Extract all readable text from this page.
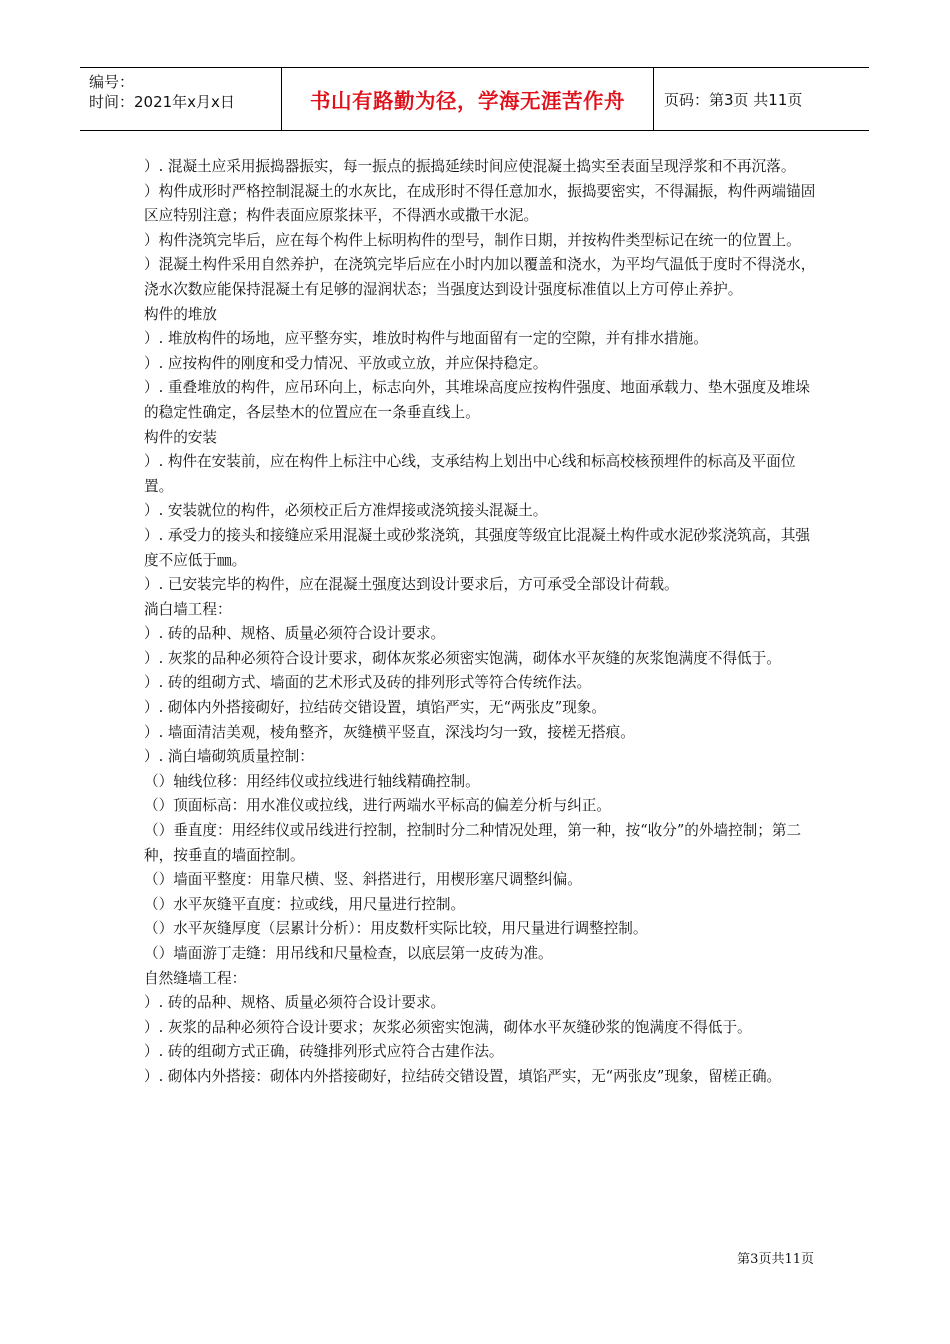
编号：
时间：2021年x月x日	书山有路勤为径，学海无涯苦作舟	页码：第3页 共11页

）. 混凝土应采用振捣器振实，每一振点的振捣延续时间应使混凝土捣实至表面呈现浮浆和不再沉落。

）构件成形时严格控制混凝土的水灰比，在成形时不得任意加水，振捣要密实，不得漏振，构件两端锚固区应特别注意；构件表面应原浆抹平，不得洒水或撒干水泥。

）构件浇筑完毕后，应在每个构件上标明构件的型号，制作日期，并按构件类型标记在统一的位置上。

）混凝土构件采用自然养护，在浇筑完毕后应在小时内加以覆盖和浇水，为平均气温低于度时不得浇水，浇水次数应能保持混凝土有足够的湿润状态；当强度达到设计强度标准值以上方可停止养护。

构件的堆放

）. 堆放构件的场地，应平整夯实，堆放时构件与地面留有一定的空隙，并有排水措施。

）. 应按构件的刚度和受力情况、平放或立放，并应保持稳定。

）. 重叠堆放的构件，应吊环向上，标志向外，其堆垛高度应按构件强度、地面承载力、垫木强度及堆垛的稳定性确定，各层垫木的位置应在一条垂直线上。

构件的安装

）. 构件在安装前，应在构件上标注中心线，支承结构上划出中心线和标高校核预埋件的标高及平面位置。

）. 安装就位的构件，必须校正后方准焊接或浇筑接头混凝土。

）. 承受力的接头和接缝应采用混凝土或砂浆浇筑，其强度等级宜比混凝土构件或水泥砂浆浇筑高，其强度不应低于㎜。

）. 已安装完毕的构件，应在混凝土强度达到设计要求后，方可承受全部设计荷载。

淌白墙工程：

）. 砖的品种、规格、质量必须符合设计要求。

）. 灰浆的品种必须符合设计要求，砌体灰浆必须密实饱满，砌体水平灰缝的灰浆饱满度不得低于。

）. 砖的组砌方式、墙面的艺术形式及砖的排列形式等符合传统作法。

）. 砌体内外搭接砌好，拉结砖交错设置，填馅严实，无“两张皮”现象。

）. 墙面清洁美观，棱角整齐，灰缝横平竖直，深浅均匀一致，接槎无搭痕。

）. 淌白墙砌筑质量控制：

（）轴线位移：用经纬仪或拉线进行轴线精确控制。

（）顶面标高：用水准仪或拉线，进行两端水平标高的偏差分析与纠正。

（）垂直度：用经纬仪或吊线进行控制，控制时分二种情况处理，第一种，按“收分”的外墙控制；第二种，按垂直的墙面控制。

（）墙面平整度：用靠尺横、竖、斜搭进行，用楔形塞尺调整纠偏。

（）水平灰缝平直度：拉或线，用尺量进行控制。

（）水平灰缝厚度（层累计分析）：用皮数杆实际比较，用尺量进行调整控制。

（）墙面游丁走缝：用吊线和尺量检查，以底层第一皮砖为准。

自然缝墙工程：

）. 砖的品种、规格、质量必须符合设计要求。

）. 灰浆的品种必须符合设计要求；灰浆必须密实饱满，砌体水平灰缝砂浆的饱满度不得低于。

）. 砖的组砌方式正确，砖缝排列形式应符合古建作法。

）. 砌体内外搭接：砌体内外搭接砌好，拉结砖交错设置，填馅严实，无“两张皮”现象，留槎正确。

第3页共11页
